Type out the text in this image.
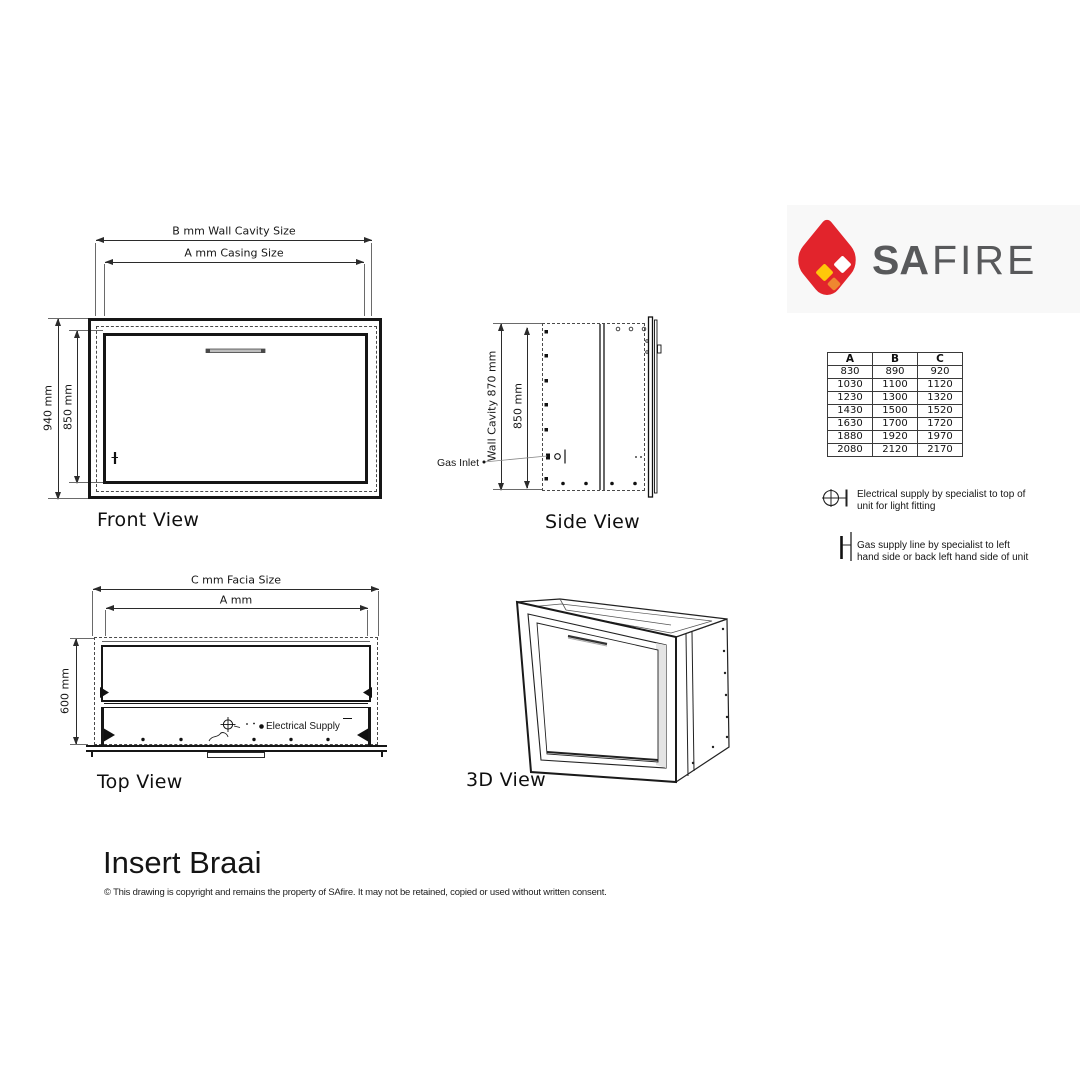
B mm Wall Cavity Size
A mm Casing Size
940 mm 850 mm
Front View
Wall Cavity 870 mm 850 mm
Gas Inlet
Side View
C mm Facia Size
A mm
600 mm
Electrical Supply
Top View	3D View
SAFIRE
A	B	C
830	890	920
1030	1100	1120
1230	1300	1320
1430	1500	1520
1630	1700	1720
1880	1920	1970
2080	2120	2170
Electrical supply by specialist to top of
unit for light fitting
Gas supply line by specialist to left
hand side or back left hand side of unit
Insert Braai
© This drawing is copyright and remains the property of SAfire. It may not be retained, copied or used without written consent.
